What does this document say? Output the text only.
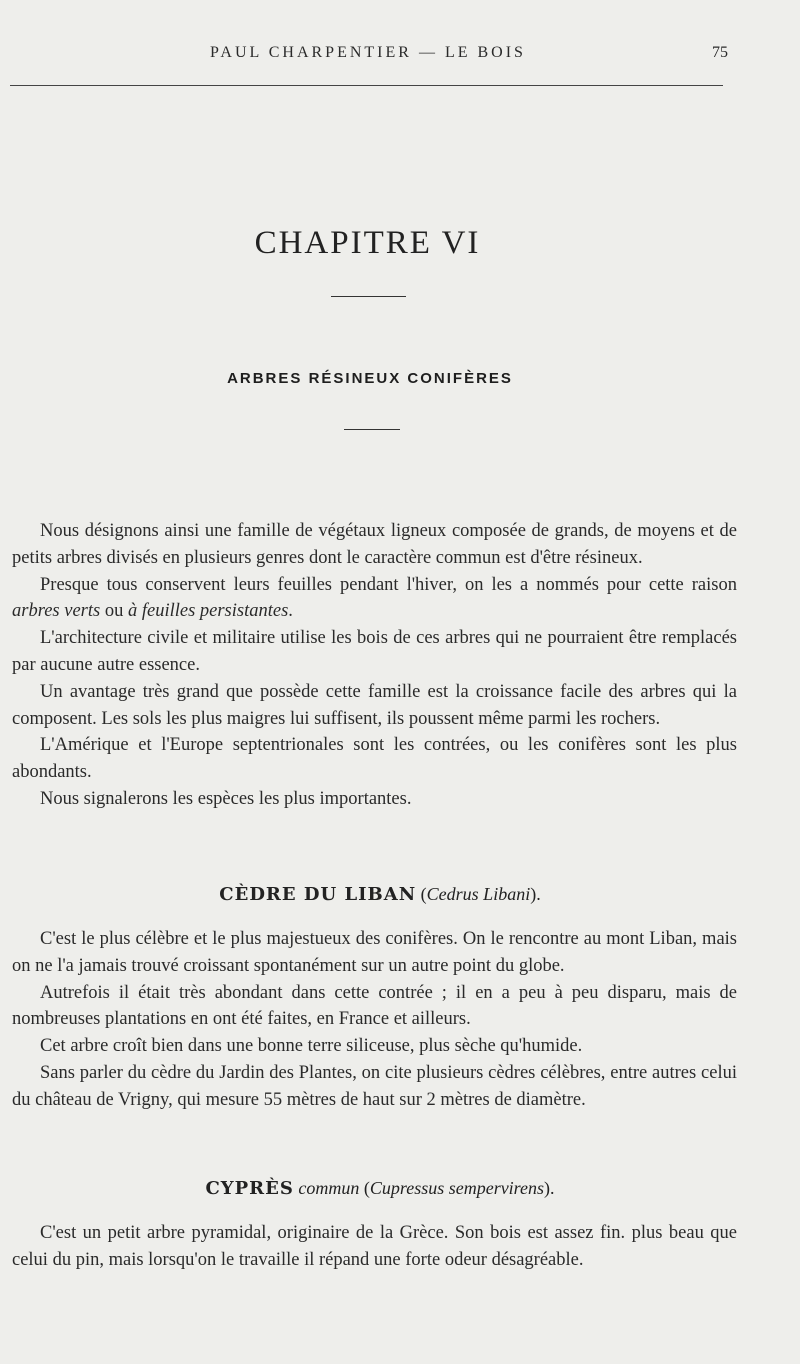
PAUL CHARPENTIER — LE BOIS	75
CHAPITRE VI
ARBRES RÉSINEUX CONIFÈRES

Nous désignons ainsi une famille de végétaux ligneux composée de grands, de moyens et de petits arbres divisés en plusieurs genres dont le caractère commun est d'être résineux.

Presque tous conservent leurs feuilles pendant l'hiver, on les a nommés pour cette raison arbres verts ou à feuilles persistantes.

L'architecture civile et militaire utilise les bois de ces arbres qui ne pourraient être remplacés par aucune autre essence.

Un avantage très grand que possède cette famille est la croissance facile des arbres qui la composent. Les sols les plus maigres lui suffisent, ils poussent même parmi les rochers.

L'Amérique et l'Europe septentrionales sont les contrées, ou les conifères sont les plus abondants.

Nous signalerons les espèces les plus importantes.

CÈDRE DU LIBAN (Cedrus Libani).

C'est le plus célèbre et le plus majestueux des conifères. On le rencontre au mont Liban, mais on ne l'a jamais trouvé croissant spontanément sur un autre point du globe.

Autrefois il était très abondant dans cette contrée ; il en a peu à peu disparu, mais de nombreuses plantations en ont été faites, en France et ailleurs.

Cet arbre croît bien dans une bonne terre siliceuse, plus sèche qu'humide.

Sans parler du cèdre du Jardin des Plantes, on cite plusieurs cèdres célèbres, entre autres celui du château de Vrigny, qui mesure 55 mètres de haut sur 2 mètres de diamètre.

CYPRÈS commun (Cupressus sempervirens).

C'est un petit arbre pyramidal, originaire de la Grèce. Son bois est assez fin. plus beau que celui du pin, mais lorsqu'on le travaille il répand une forte odeur désagréable.
